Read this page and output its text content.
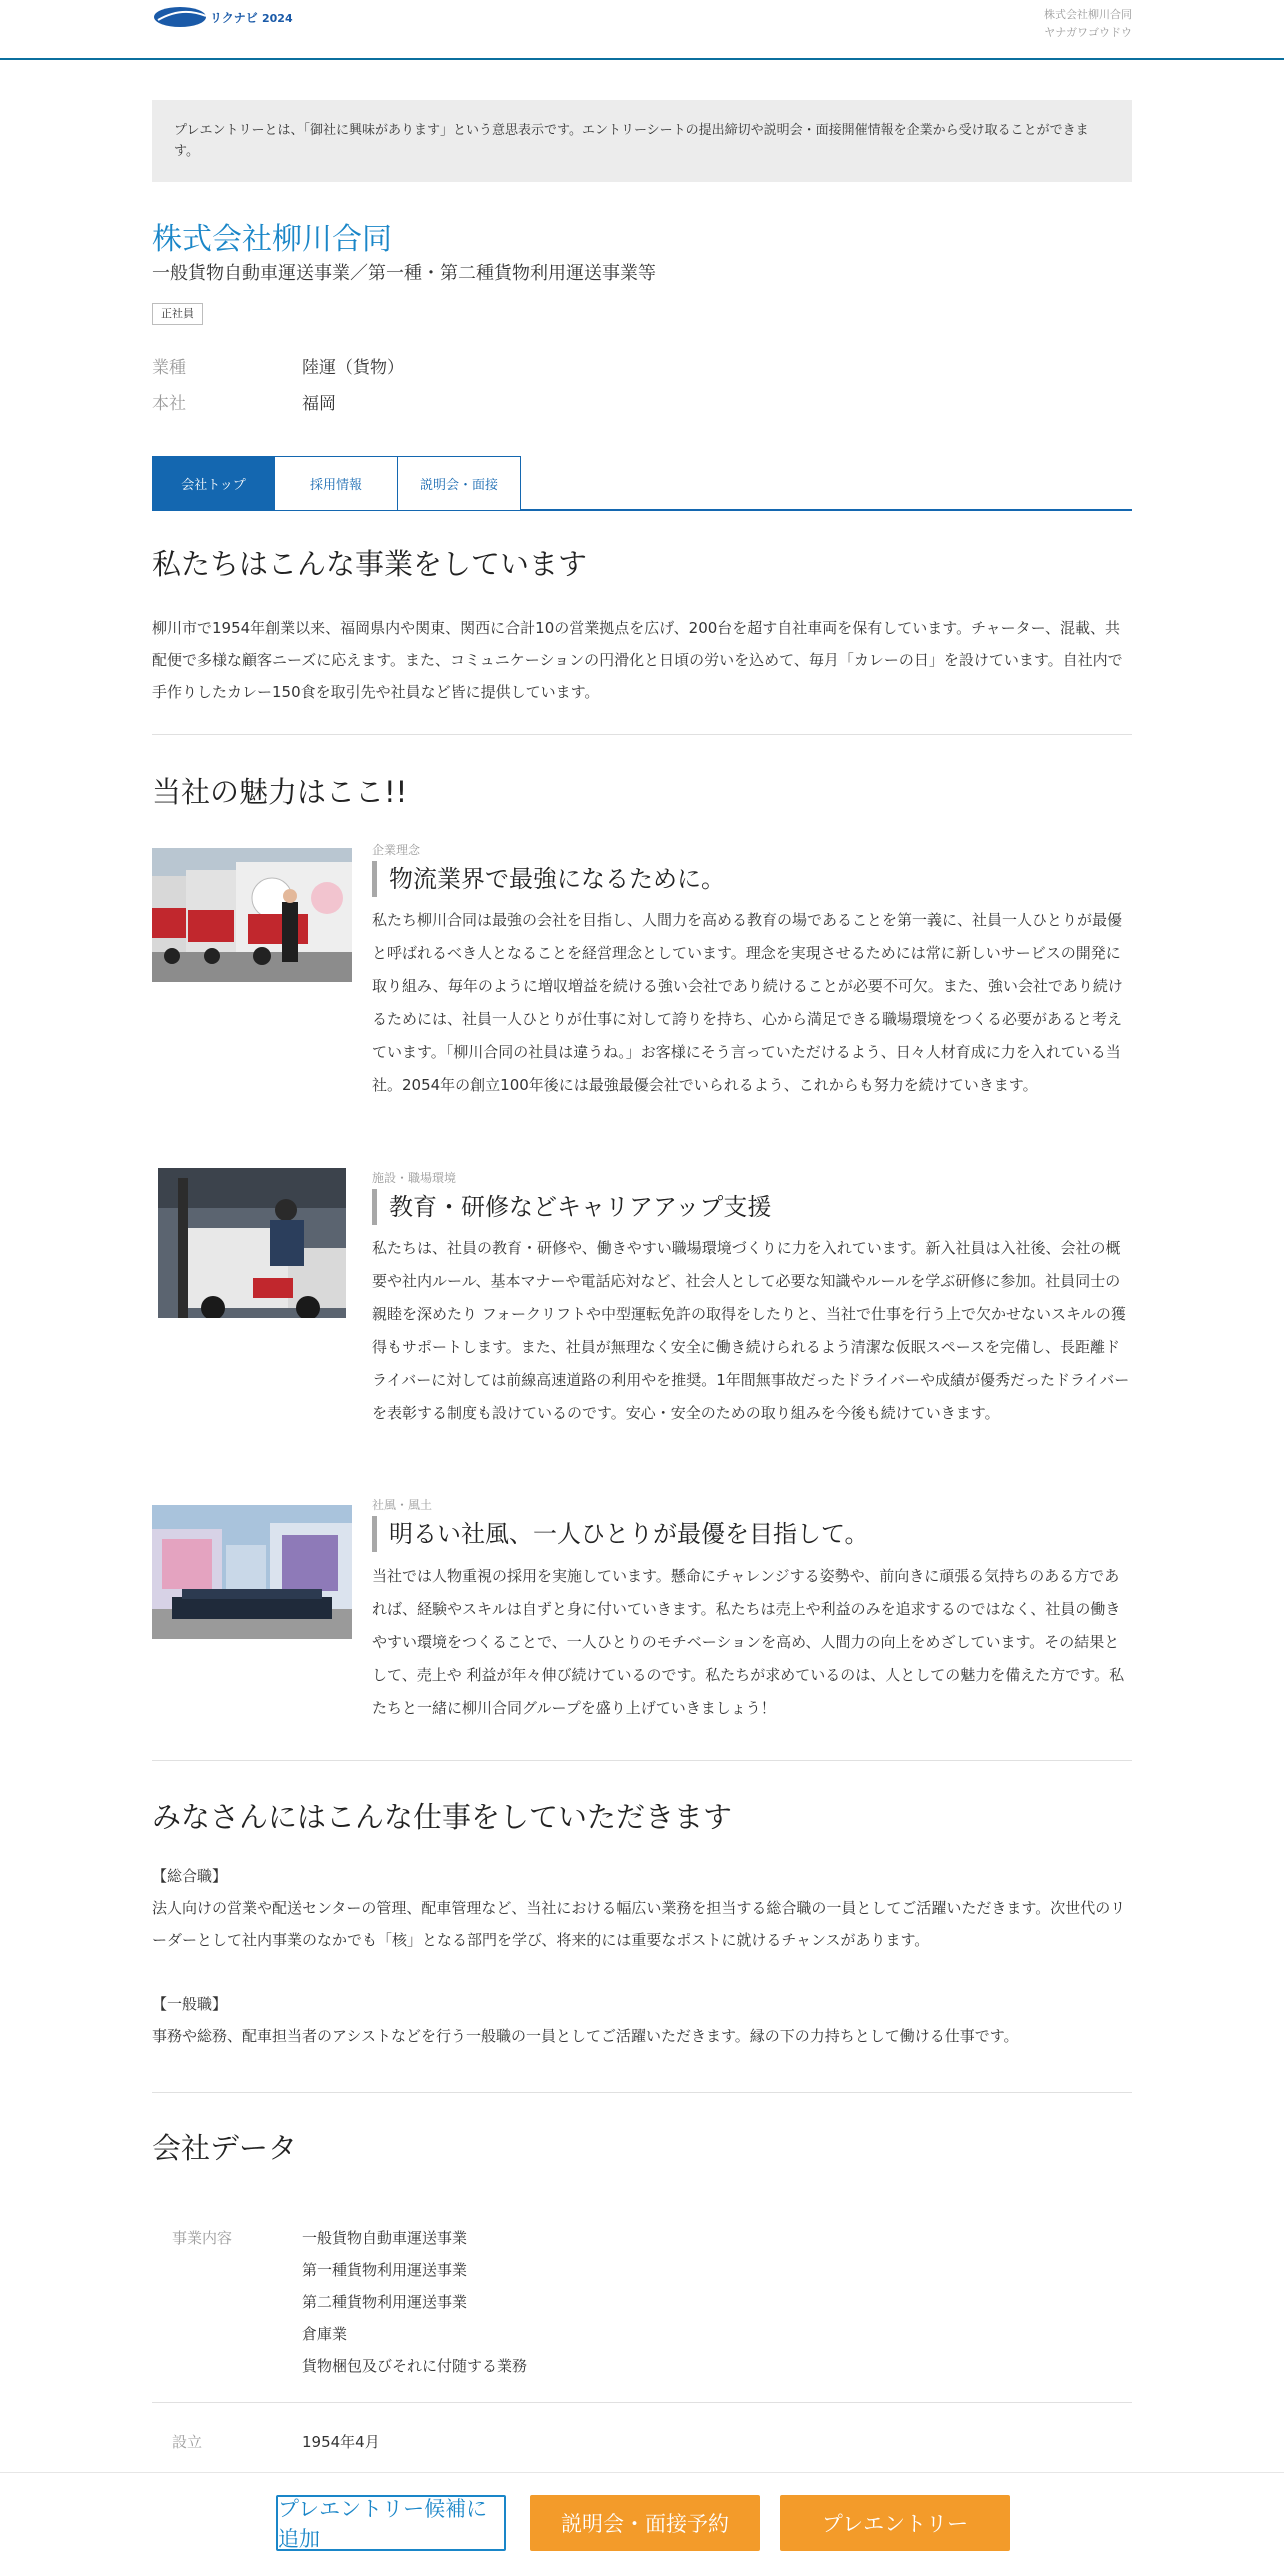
リクナビ 2024	株式会社柳川合同
ヤナガワゴウドウ
プレエントリーとは、「御社に興味があります」という意思表示です。エントリーシートの提出締切や説明会・面接開催情報を企業から受け取ることができます。
株式会社柳川合同
一般貨物自動車運送事業／第一種・第二種貨物利用運送事業等
正社員
業種	陸運（貨物）
本社	福岡
会社トップ	採用情報	説明会・面接
私たちはこんな事業をしています
柳川市で1954年創業以来、福岡県内や関東、関西に合計10の営業拠点を広げ、200台を超す自社車両を保有しています。チャーター、混載、共配便で多様な顧客ニーズに応えます。また、コミュニケーションの円滑化と日頃の労いを込めて、毎月「カレーの日」を設けています。自社内で手作りしたカレー150食を取引先や社員など皆に提供しています。
当社の魅力はここ!!
企業理念
物流業界で最強になるために。
私たち柳川合同は最強の会社を目指し、人間力を高める教育の場であることを第一義に、社員一人ひとりが最優と呼ばれるべき人となることを経営理念としています。理念を実現させるためには常に新しいサービスの開発に取り組み、毎年のように増収増益を続ける強い会社であり続けることが必要不可欠。また、強い会社であり続けるためには、社員一人ひとりが仕事に対して誇りを持ち、心から満足できる職場環境をつくる必要があると考えています。「柳川合同の社員は違うね。」お客様にそう言っていただけるよう、日々人材育成に力を入れている当社。2054年の創立100年後には最強最優会社でいられるよう、これからも努力を続けていきます。
施設・職場環境
教育・研修などキャリアアップ支援
私たちは、社員の教育・研修や、働きやすい職場環境づくりに力を入れています。新入社員は入社後、会社の概要や社内ルール、基本マナーや電話応対など、社会人として必要な知識やルールを学ぶ研修に参加。社員同士の親睦を深めたり フォークリフトや中型運転免許の取得をしたりと、当社で仕事を行う上で欠かせないスキルの獲得もサポートします。また、社員が無理なく安全に働き続けられるよう清潔な仮眠スペースを完備し、長距離ドライバーに対しては前線高速道路の利用やを推奨。1年間無事故だったドライバーや成績が優秀だったドライバーを表彰する制度も設けているのです。安心・安全のための取り組みを今後も続けていきます。
社風・風土
明るい社風、一人ひとりが最優を目指して。
当社では人物重視の採用を実施しています。懸命にチャレンジする姿勢や、前向きに頑張る気持ちのある方であれば、経験やスキルは自ずと身に付いていきます。私たちは売上や利益のみを追求するのではなく、社員の働きやすい環境をつくることで、一人ひとりのモチベーションを高め、人間力の向上をめざしています。その結果として、売上や 利益が年々伸び続けているのです。私たちが求めているのは、人としての魅力を備えた方です。私たちと一緒に柳川合同グループを盛り上げていきましょう！
みなさんにはこんな仕事をしていただきます
【総合職】
法人向けの営業や配送センターの管理、配車管理など、当社における幅広い業務を担当する総合職の一員としてご活躍いただきます。次世代のリーダーとして社内事業のなかでも「核」となる部門を学び、将来的には重要なポストに就けるチャンスがあります。
【一般職】
事務や総務、配車担当者のアシストなどを行う一般職の一員としてご活躍いただきます。縁の下の力持ちとして働ける仕事です。
会社データ
事業内容	一般貨物自動車運送事業
第一種貨物利用運送事業
第二種貨物利用運送事業
倉庫業
貨物梱包及びそれに付随する業務
設立	1954年4月
プレエントリー候補に追加
説明会・面接予約	プレエントリー
